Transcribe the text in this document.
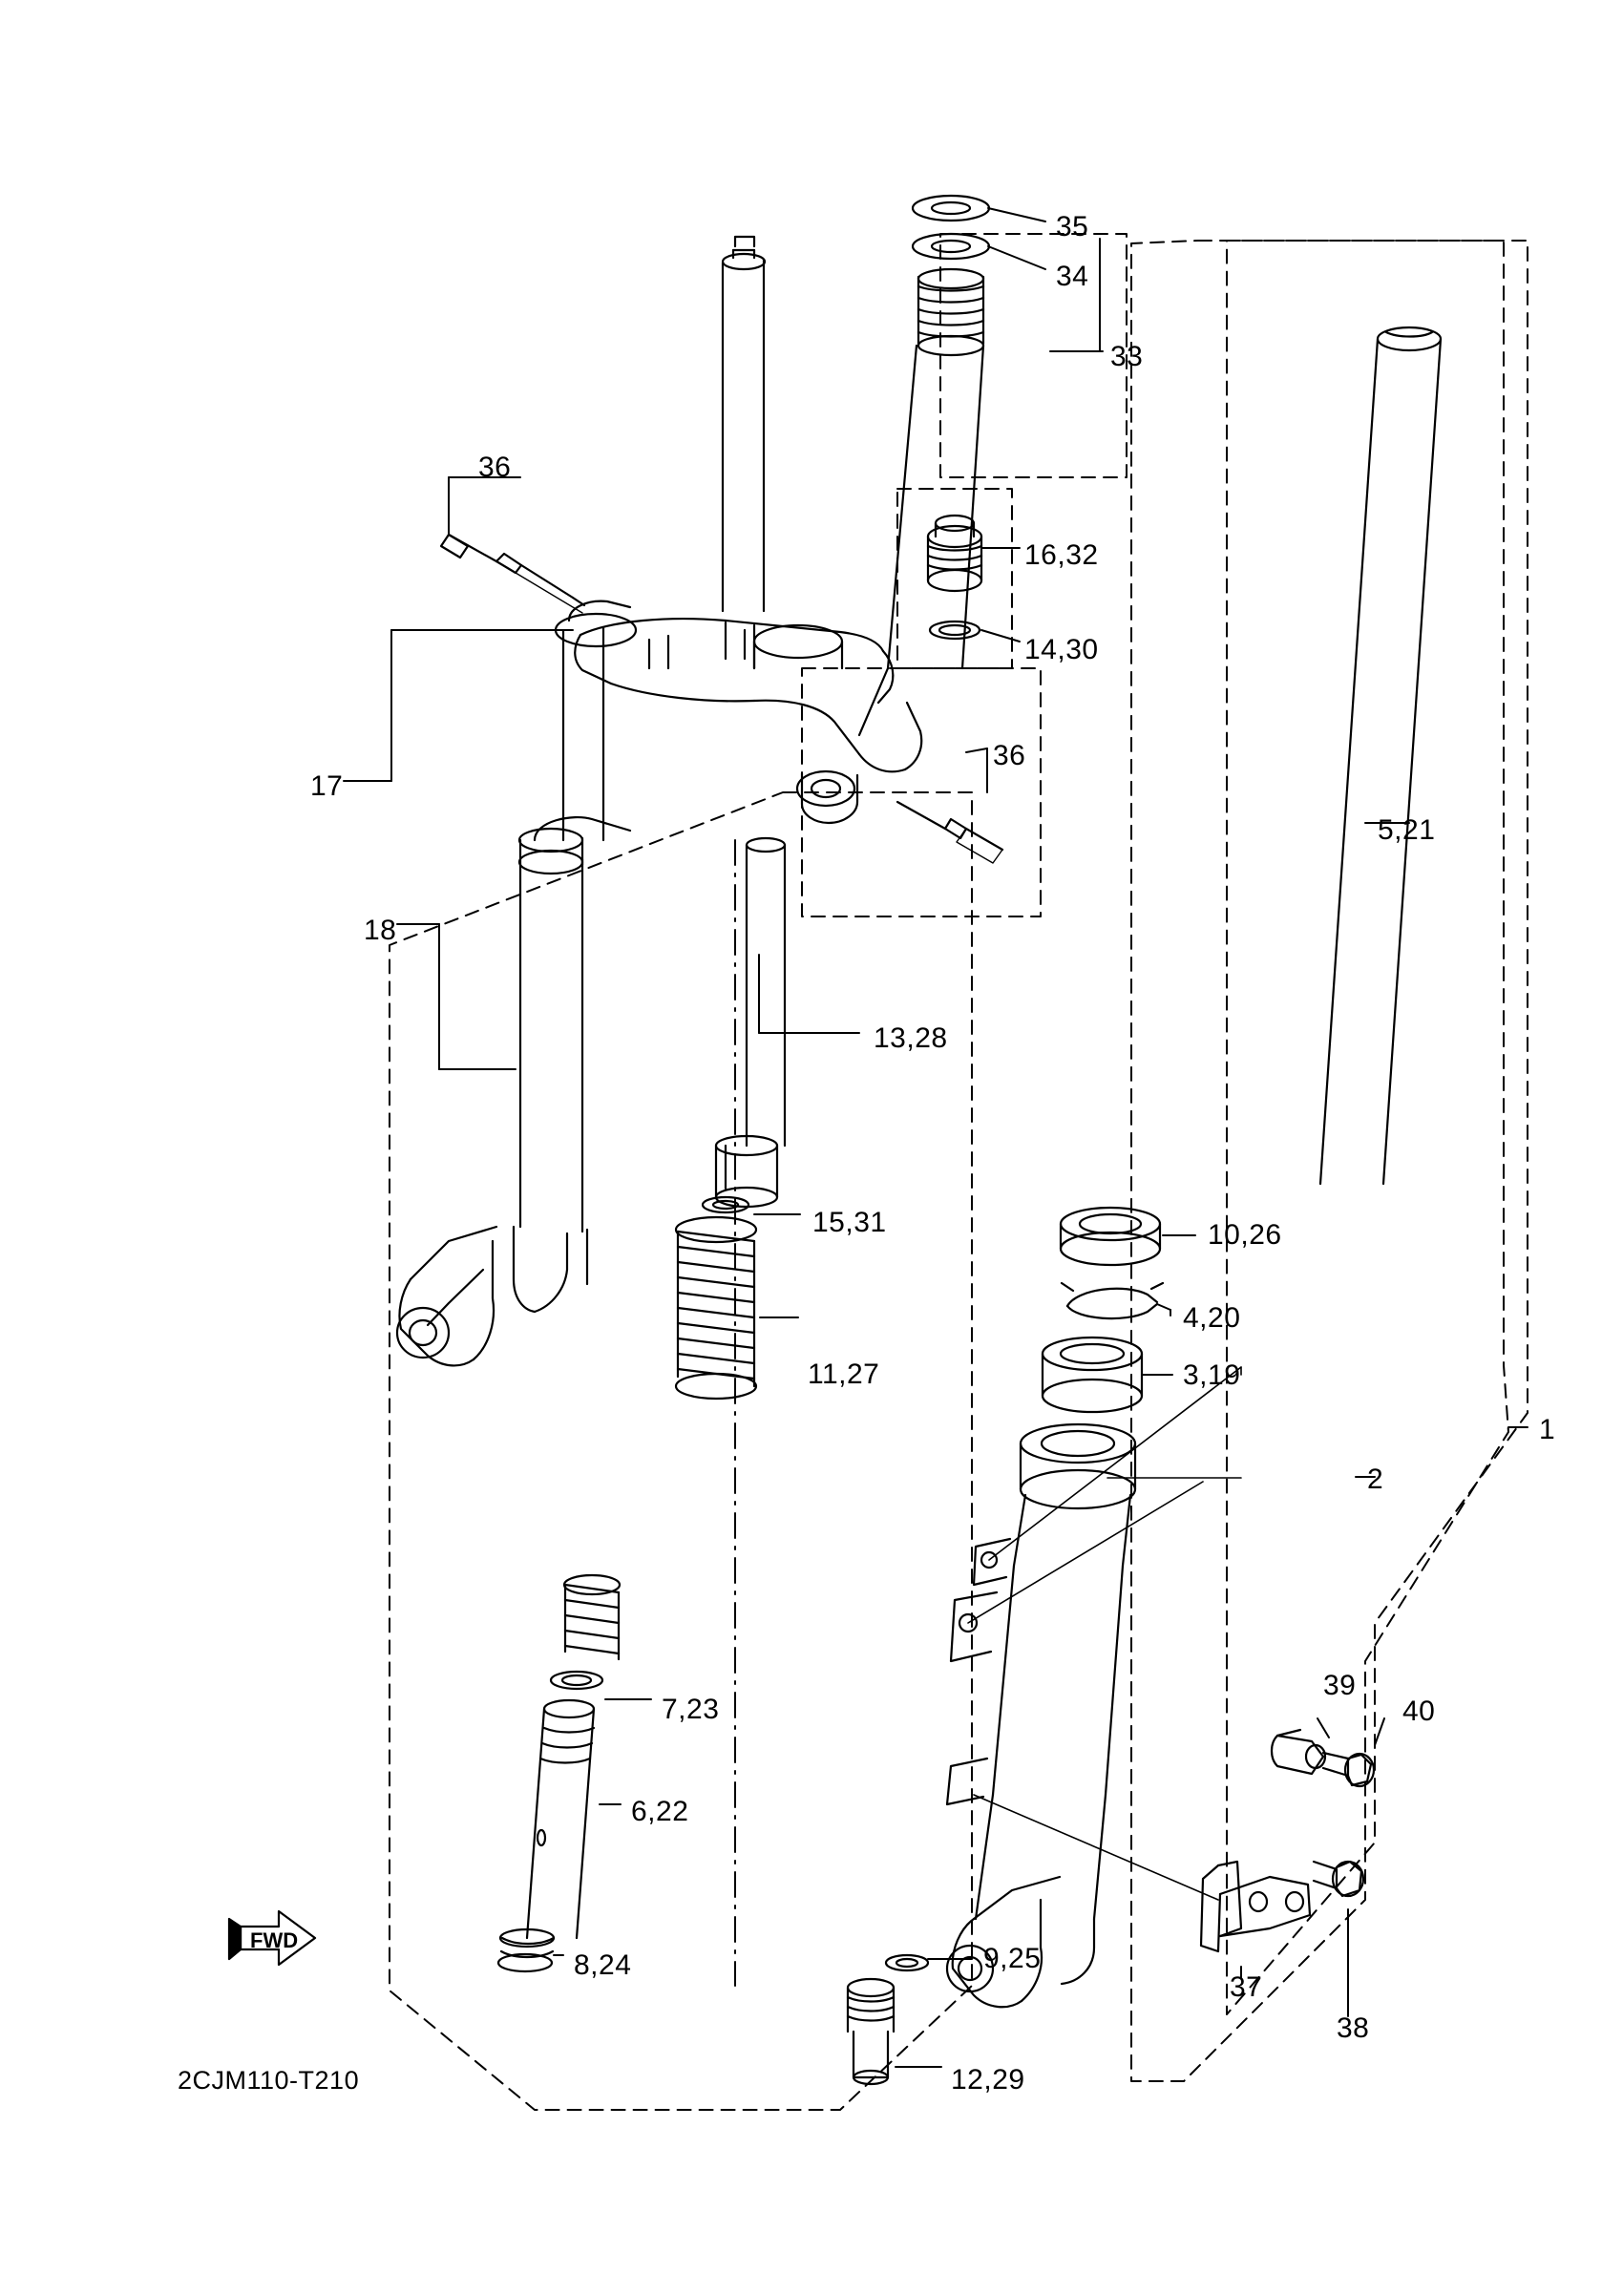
35
34
33
36
16,32
14,30
36
17
5,21
18
13,28
15,31	10,26
4,20
3,19
11,27
1
2
39
40
7,23
6,22
8,24	9,25
37
38
12,29
FWD
2CJM110-T210
